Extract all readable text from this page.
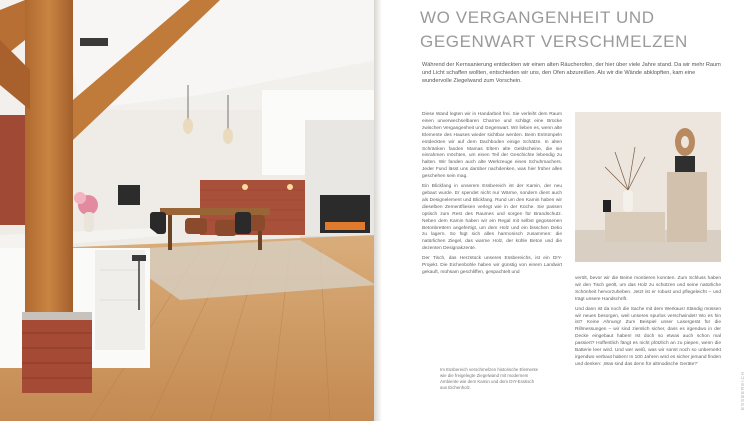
WO VERGANGENHEIT UND GEGENWART VERSCHMELZEN

Während der Kernsanierung entdeckten wir einen alten Räucherofen, der hier über viele Jahre stand. Da wir mehr Raum und Licht schaffen wollten, entschieden wir uns, den Ofen abzureißen. Als wir die Wände abklopften, kam eine wundervolle Ziegelwand zum Vorschein.

Diese Wand legten wir in Handarbeit frei. Sie verleiht dem Raum einen unverwechselbaren Charme und schlägt eine Brücke zwischen Vergangenheit und Gegenwart. Wir lieben es, wenn alte Elemente des Hauses wieder sichtbar werden. Beim Entrümpeln entdeckten wir auf dem Dachboden einige Schätze. In alten Schränken fanden Mamas Eltern alte Geldscheine, die sie einrahmen möchten, um einen Teil der Geschichte lebendig zu halten. Wir fanden auch alte Werkzeuge eines Schuhmachers. Jeder Fund lässt uns darüber nachdenken, was hier früher alles geschehen sein mag.

Ein Blickfang in unserem Essbereich ist der Kamin, der neu gebaut wurde. Er spendet nicht nur Wärme, sondern dient auch als Designelement und Blickfang. Rund um den Kamin haben wir dieselben Zementfliesen verlegt wie in der Küche. Sie passen optisch zum Rest des Raumes und sorgen für Brandschutz. Neben dem Kamin haben wir ein Regal mit selbst gegossenen Betonbrettern angefertigt, um dem Holz und ein bisschen Deko zu lagern. So fügt sich alles harmonisch zusammen: die natürlichen Ziegel, das warme Holz, der kühle Beton und die dezenten Designakzente.

Der Tisch, das Herzstück unseres Essbereichs, ist ein DIY-Projekt. Die Eichenbohle haben wir günstig von einem Landwirt gekauft, mühsam geschliffen, gespachtelt und

verölt, bevor wir die Beine montieren konnten. Zum Schluss haben wir den Tisch geölt, um das Holz zu schützen und seine natürliche Schönheit hervorzuheben. Jetzt ist er robust und pflegeleicht – und trägt unsere Handschrift.

Und dann ist da noch die Sache mit dem Werkaus! Ständig müssen wir neues besorgen, weil unseres spurlos verschwindet! Wo es hin ist? Keine Ahnung! Zum Beispiel unser Lasergerät für die Rillmessungen – wir sind ziemlich sicher, dass es irgendwo in der Decke eingebaut haben! Ist doch so etwas auch schon mal passiert? Hoffentlich fängt es nicht plötzlich an zu piepen, wenn die Batterie leer wird. Und wer weiß, was wir sonst noch so unbemerkt irgendwo verbaut haben! In 100 Jahren wird es sicher jemand finden und denken: ‚Was sind das denn für altmodische Geräte?‘

Im Essbereich verschmelzen historische Elemente wie die freigelegte Ziegelwand mit modernem Ambiente wie dem Kamin und dem DIY-Esstisch aus Eichenholz.	ESSBEREICH
